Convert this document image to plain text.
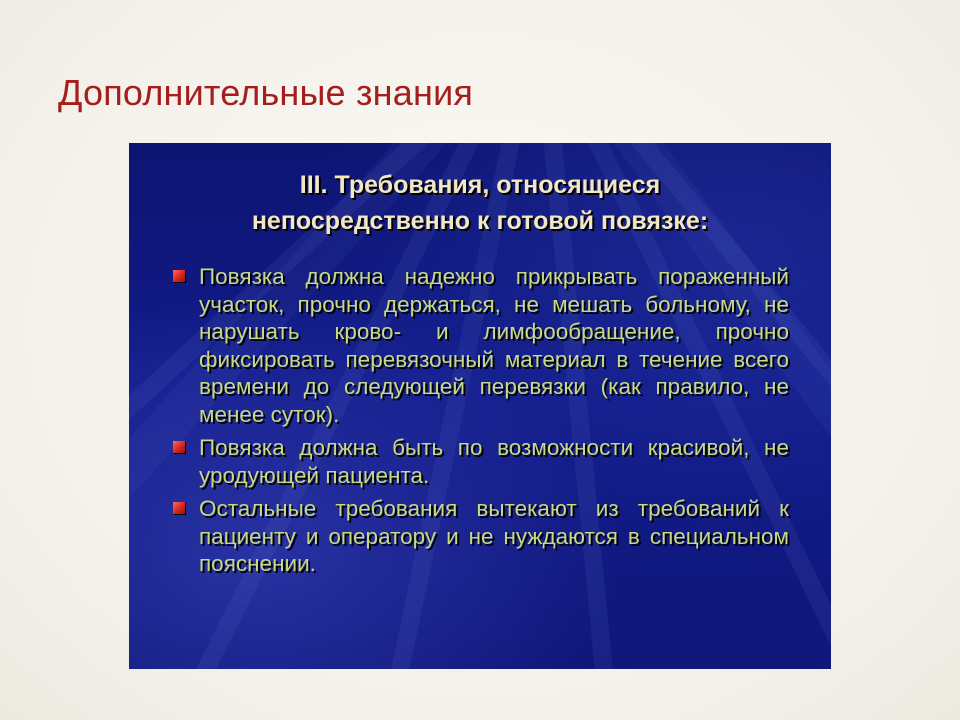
Дополнительные знания
III. Требования, относящиеся
непосредственно к готовой повязке:
Повязка должна надежно прикрывать пораженный участок, прочно держаться, не мешать больному, не нарушать крово- и лимфообращение, прочно фиксировать перевязочный материал в течение всего времени до следующей перевязки (как правило, не менее суток).
Повязка должна быть по возможности красивой, не уродующей пациента.
Остальные требования вытекают из требований к пациенту и оператору и не нуждаются в специальном пояснении.
